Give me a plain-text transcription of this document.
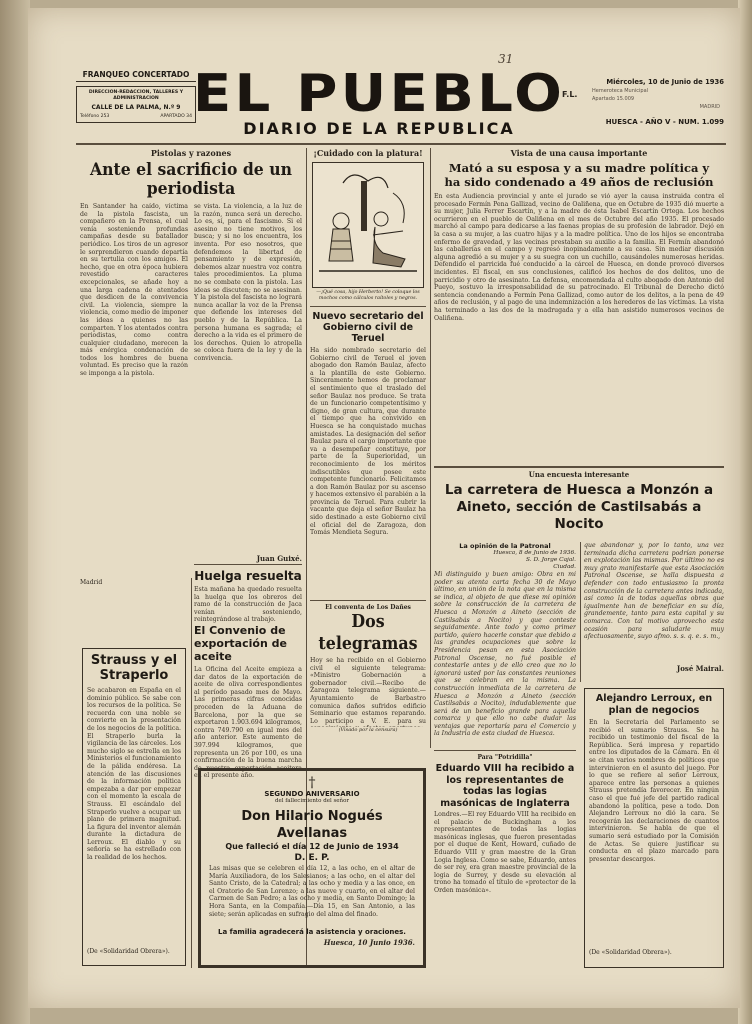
FRANQUEO CONCERTADO
DIRECCION-REDACCION, TALLERES Y ADMINISTRACION
CALLE DE LA PALMA, N.º 9
Teléfono 253	APARTADO 34 EL PUEBLO
DIARIO DE LA REPUBLICA
31
Miércoles, 10 de Junio de 1936
F.L.	Hemeroteca Municipal
Apartado 15.009
MADRID
HUESCA - AÑO V - NUM. 1.099
Pistolas y razones
Ante el sacrificio de un periodista
En Santander ha caído, víctima de la pistola fascista, un compañero en la Prensa, el cual venía sosteniendo profundas campañas desde su batallador periódico. Los tiros de un agresor le sorprendieron cuando departía en su tertulia con los amigos. El hecho, que en otra época hubiera revestido caracteres excepcionales, se añade hoy a una larga cadena de atentados que desdicen de la convivencia civil. La violencia, siempre la violencia, como medio de imponer las ideas a quienes no las comparten. Y los atentados contra periodistas, como contra cualquier ciudadano, merecen la más enérgica condenación de todos los hombres de buena voluntad. Es preciso que la razón se imponga a la pistola.
se vista. La violencia, a la luz de la razón, nunca será un derecho. Lo es, sí, para el fascismo. Si el asesino no tiene motivos, los busca; y si no los encuentra, los inventa. Por eso nosotros, que defendemos la libertad de pensamiento y de expresión, debemos alzar nuestra voz contra tales procedimientos. La pluma no se combate con la pistola. Las ideas se discuten; no se asesinan. Y la pistola del fascista no logrará nunca acallar la voz de la Prensa que defiende los intereses del pueblo y de la República. La persona humana es sagrada; el derecho a la vida es el primero de los derechos. Quien lo atropella se coloca fuera de la ley y de la convivencia.
Juan Guixé.
Madrid	Huelga resuelta
Esta mañana ha quedado resuelta la huelga que los obreros del ramo de la construcción de Jaca venían sosteniendo, reintegrándose al trabajo.
El Convenio de exportación de aceite
La Oficina del Aceite empieza a dar datos de la exportación de aceite de oliva correspondientes al período pasado mes de Mayo. Las primeras cifras conocidas proceden de la Aduana de Barcelona, por la que se exportaron 1.903.694 kilogramos, contra 749.790 en igual mes del año anterior. Este aumento de 397.994 kilogramos, que representa un 26 por 100, es una confirmación de la buena marcha de nuestra exportación aceitera en el presente año.
Strauss y el Straperlo
Se acabaron en España en el dominio público. Se sabe con los recursos de la política. Se recuerda con una noble se convierte en la presentación de los negocios de la política. El Straperlo burla la vigilancia de las cárceles. Los mucho siglo se estrella en los Ministerios el funcionamiento de la pálida endéresa. La atención de las discusiones de la información política empezaba a dar por empezar con el momento la escala de Strauss. El escándalo del Straperlo vuelve a ocupar un plano de primera magnitud. La figura del inventor alemán durante la dictadura de Lerroux. El diablo y su señoría se ha estrellado con la realidad de los hechos.
(De «Solidaridad Obrera»).
†
SEGUNDO ANIVERSARIO
del fallecimiento del señor
Don Hilario Nogués Avellanas
Que falleció el día 12 de Junio de 1934
D. E. P.
Las misas que se celebren el día 12, a las ocho, en el altar de María Auxiliadora, de los Salesianos; a las ocho, en el altar del Santo Cristo, de la Catedral; a las ocho y media y a las once, en el Oratorio de San Lorenzo; a las nueve y cuarto, en el altar del Carmen de San Pedro; a las ocho y media, en Santo Domingo; la Hora Santa, en la Compañía.—Día 15, en San Antonio, a las siete; serán aplicadas en sufragio del alma del finado.
La familia agradecerá la asistencia y oraciones.
Huesca, 10 Junio 1936.
¡Cuidado con la platura!
—¡Qué cosa, hijo Herberto! Se coloque los mochos como cálculos raítoles y negros.
Nuevo secretario del Gobierno civil de Teruel
Ha sido nombrado secretario del Gobierno civil de Teruel el joven abogado don Ramón Baulaz, afecto a la plantilla de este Gobierno. Sinceramente hemos de proclamar el sentimiento que el traslado del señor Baulaz nos produce. Se trata de un funcionario competentísimo y digno, de gran cultura, que durante el tiempo que ha convivido en Huesca se ha conquistado muchas amistades. La designación del señor Baulaz para el cargo importante que va a desempeñar constituye, por parte de la Superioridad, un reconocimiento de los méritos indiscutibles que posee este competente funcionario. Felicitamos a don Ramón Baulaz por su ascenso y hacemos extensivo el parabién a la provincia de Teruel. Para cubrir la vacante que deja el señor Baulaz ha sido destinado a este Gobierno civil el oficial del de Zaragoza, don Tomás Mendieta Segura.
El conventa de Los Dañes
Dos telegramas
Hoy se ha recibido en el Gobierno civil el siguiente telegrama: «Ministro Gobernación a gobernador civil.—Recibo de Zaragoza telegrama siguiente.—Ayuntamiento de Barbastro comunica daños sufridos edificio Seminario que estamos reparando. Lo participo a V. E. para su
(Visado por la censura)
Vista de una causa importante
Mató a su esposa y a su madre política y ha sido condenado a 49 años de reclusión
En esta Audiencia provincial y ante el jurado se vió ayer la causa instruida contra el procesado Fermín Pena Gallizad, vecino de Oaliñena, que en Octubre de 1935 dió muerte a su mujer, Julia Ferrer Escartín, y a la madre de ésta Isabel Escartín Ortega. Los hechos ocurrieron en el pueblo de Oaliñena en el mes de Octubre del año 1935. El procesado marchó al campo para dedicarse a las faenas propias de su profesión de labrador. Dejó en la casa a su mujer, a las cuatro hijas y a la madre política. Uno de los hijos se encontraba enfermo de gravedad, y las vecinas prestaban su auxilio a la familia. El Fermín abandonó las caballerías en el campo y regresó inopinadamente a su casa. Sin mediar discusión alguna agredió a su mujer y a su suegra con un cuchillo, causándoles numerosas heridas. Defendido el parricida fué conducido a la cárcel de Huesca, en donde provocó diversos incidentes. El fiscal, en sus conclusiones, calificó los hechos de dos delitos, uno de parricidio y otro de asesinato. La defensa, encomendada al culto abogado don Antonio del Pueyo, sostuvo la irresponsabilidad de su patrocinado. El Tribunal de Derecho dictó sentencia condenando a Fermín Pena Gallizad, como autor de los delitos, a la pena de 49 años de reclusión, y al pago de una indemnización a los herederos de las víctimas. La vista ha terminado a las dos de la madrugada y a ella han asistido numerosos vecinos de Oaliñena.
Una encuesta interesante
La carretera de Huesca a Monzón a Aineto, sección de Castilsabás a Nocito
La opinión de la Patronal
Huesca, 8 de Junio de 1936.
S. D. Jorge Cajal.
Ciudad.
Mi distinguido y buen amigo: Obra en mi poder su atenta carta fecha 30 de Mayo último, en unión de la nota que en la misma se indica, al objeto de que diese mi opinión sobre la construcción de la carretera de Huesca a Monzón a Aineto (sección de Castilsabás a Nocito) y que conteste seguidamente. Ante todo y como primer partido, quiero hacerle constar que debido a las grandes ocupaciones que sobre la Presidencia pesan en esta Asociación Patronal Oscense, no fué posible el contestarle antes y de ello creo que no lo ignorará usted por las constantes reuniones que se celebran en la misma. La construcción inmediata de la carretera de Huesca a Monzón a Aineto (sección Castilsabás a Nocito), indudablemente que será de un beneficio grande para aquella comarca y que ello no cabe dudar las ventajas que reportaría para el Comercio y la Industria de esta ciudad de Huesca.
que abandonar y, por lo tanto, una vez terminada dicha carretera podrían ponerse en explotación las mismas. Por último no es muy grato manifestarle que esta Asociación Patronal Oscense, se halla dispuesta a defender con todo entusiasmo la pronta construcción de la carretera antes indicada, así como la de todas aquellas obras que igualmente han de beneficiar en su día, grandemente, tanto para esta capital y su comarca. Con tal motivo aprovecho esta ocasión para saludarle muy afectuosamente, suyo afmo. s. s. q. e. s. m.,
José Mairal.
Para "Potridilla"
Eduardo VIII ha recibido a los representantes de todas las logias masónicas de Inglaterra
Londres.—El rey Eduardo VIII ha recibido en el palacio de Buckingham a los representantes de todas las logias masónicas inglesas, que fueron presentadas por el duque de Kent, Howard, cuñado de Eduardo VIII y gran maestre de la Gran Logia Inglesa. Como se sabe, Eduardo, antes de ser rey, era gran maestre provincial de la logia de Surrey, y desde su elevación al trono ha tomado el título de «protector de la Orden masónica».
Alejandro Lerroux, en plan de negocios
En la Secretaría del Parlamento se recibió el sumario Strauss. Se ha recibido un testimonio del fiscal de la República. Será impresa y repartido entre los diputados de la Cámara. En él se citan varios nombres de políticos que intervinieron en el asunto del juego. Por lo que se refiere al señor Lerroux, aparece entre las personas a quienes Strauss pretendía favorecer. En ningún caso el que fué jefe del partido radical abandonó la política, pese a todo. Don Alejandro Lerroux no dió la cara. Se recogerán las declaraciones de cuantos intervinieron. Se habla de que el sumario será estudiado por la Comisión de Actas. Se quiere justificar su conducta en el plazo marcado para presentar descargos.
(De «Solidaridad Obrera»).
